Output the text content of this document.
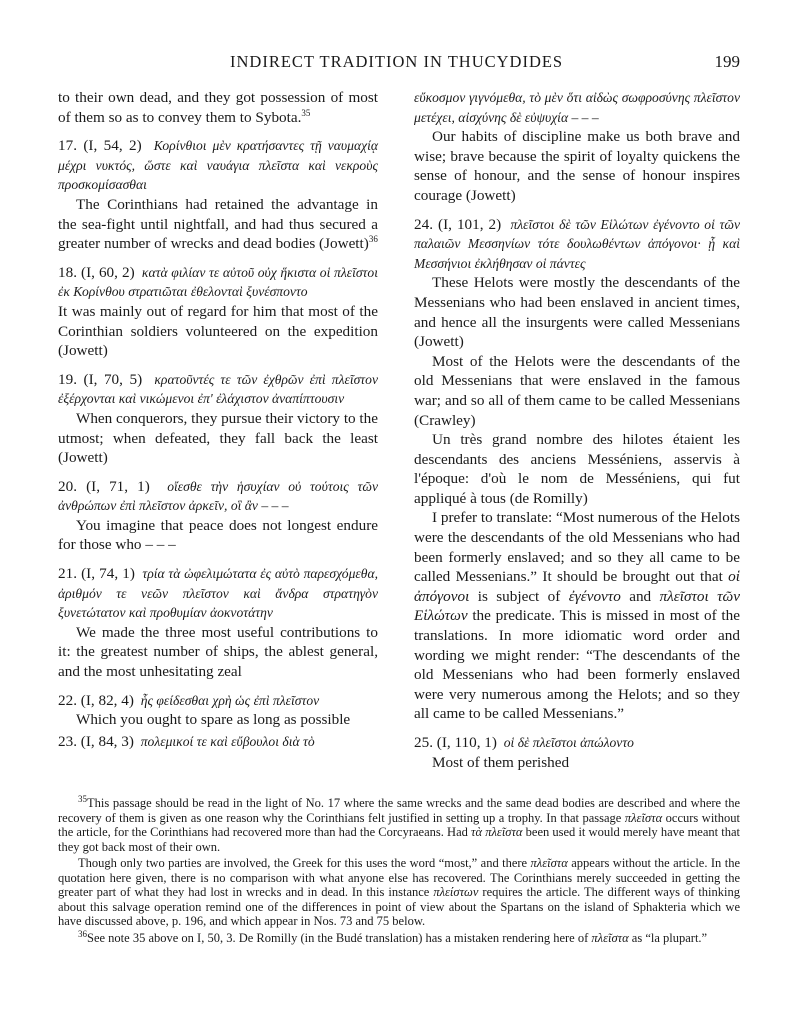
INDIRECT TRADITION IN THUCYDIDES	199

to their own dead, and they got possession of most of them so as to convey them to Sybota.$^{35}$

17. (I, 54, 2) Κορίνθιοι μὲν κρατήσαντες τῇ ναυμαχίᾳ μέχρι νυκτός, ὥστε καὶ ναυάγια πλεῖστα καὶ νεκροὺς προσκομίσασθαι

The Corinthians had retained the advantage in the sea-fight until nightfall, and had thus secured a greater number of wrecks and dead bodies (Jowett)$^{36}$

18. (I, 60, 2) κατὰ φιλίαν τε αὐτοῦ οὐχ ἥκιστα οἱ πλεῖστοι ἐκ Κορίνθου στρατιῶται ἐθελονταὶ ξυνέσποντο

It was mainly out of regard for him that most of the Corinthian soldiers volunteered on the expedition (Jowett)

19. (I, 70, 5) κρατοῦντές τε τῶν ἐχθρῶν ἐπὶ πλεῖστον ἐξέρχονται καὶ νικώμενοι ἐπ' ἐλάχιστον ἀναπίπτουσιν

When conquerors, they pursue their victory to the utmost; when defeated, they fall back the least (Jowett)

20. (I, 71, 1) οἴεσθε τὴν ἡσυχίαν οὐ τούτοις τῶν ἀνθρώπων ἐπὶ πλεῖστον ἀρκεῖν, οἳ ἂν – – –

You imagine that peace does not longest endure for those who – – –

21. (I, 74, 1) τρία τὰ ὠφελιμώτατα ἐς αὐτὸ παρεσχόμεθα, ἀριθμόν τε νεῶν πλεῖστον καὶ ἄνδρα στρατηγὸν ξυνετώτατον καὶ προθυμίαν ἀοκνοτάτην

We made the three most useful contributions to it: the greatest number of ships, the ablest general, and the most unhesitating zeal

22. (I, 82, 4) ἧς φείδεσθαι χρὴ ὡς ἐπὶ πλεῖστον

Which you ought to spare as long as possible

23. (I, 84, 3) πολεμικοί τε καὶ εὔβουλοι διὰ τὸ

εὔκοσμον γιγνόμεθα, τὸ μὲν ὅτι αἰδὼς σωφροσύνης πλεῖστον μετέχει, αἰσχύνης δὲ εὐψυχία – – –

Our habits of discipline make us both brave and wise; brave because the spirit of loyalty quickens the sense of honour, and the sense of honour inspires courage (Jowett)

24. (I, 101, 2) πλεῖστοι δὲ τῶν Εἱλώτων ἐγένοντο οἱ τῶν παλαιῶν Μεσσηνίων τότε δουλωθέντων ἀπόγονοι· ᾗ καὶ Μεσσήνιοι ἐκλήθησαν οἱ πάντες

These Helots were mostly the descendants of the Messenians who had been enslaved in ancient times, and hence all the insurgents were called Messenians (Jowett)

Most of the Helots were the descendants of the old Messenians that were enslaved in the famous war; and so all of them came to be called Messenians (Crawley)

Un très grand nombre des hilotes étaient les descendants des anciens Messéniens, asservis à l'époque: d'où le nom de Messéniens, qui fut appliqué à tous (de Romilly)

I prefer to translate: “Most numerous of the Helots were the descendants of the old Messenians who had been formerly enslaved; and so they all came to be called Messenians.” It should be brought out that οἱ ἀπόγονοι is subject of ἐγένοντο and πλεῖστοι τῶν Εἱλώτων the predicate. This is missed in most of the translations. In more idiomatic word order and wording we might render: “The descendants of the old Messenians who had been formerly enslaved were very numerous among the Helots; and so they all came to be called Messenians.”

25. (I, 110, 1) οἱ δὲ πλεῖστοι ἀπώλοντο

Most of them perished

$^{35}$This passage should be read in the light of No. 17 where the same wrecks and the same dead bodies are described and where the recovery of them is given as one reason why the Corinthians felt justified in setting up a trophy. In that passage πλεῖστα occurs without the article, for the Corinthians had recovered more than had the Corcyraeans. Had τὰ πλεῖστα been used it would merely have meant that they got back most of their own.

Though only two parties are involved, the Greek for this uses the word “most,” and there πλεῖστα appears without the article. In the quotation here given, there is no comparison with what anyone else has recovered. The Corinthians merely succeeded in getting the greater part of what they had lost in wrecks and in dead. In this instance πλείστων requires the article. The different ways of thinking about this salvage operation remind one of the differences in point of view about the Spartans on the island of Sphakteria which we have discussed above, p. 196, and which appear in Nos. 73 and 75 below.

$^{36}$See note 35 above on I, 50, 3. De Romilly (in the Budé translation) has a mistaken rendering here of πλεῖστα as “la plupart.”
